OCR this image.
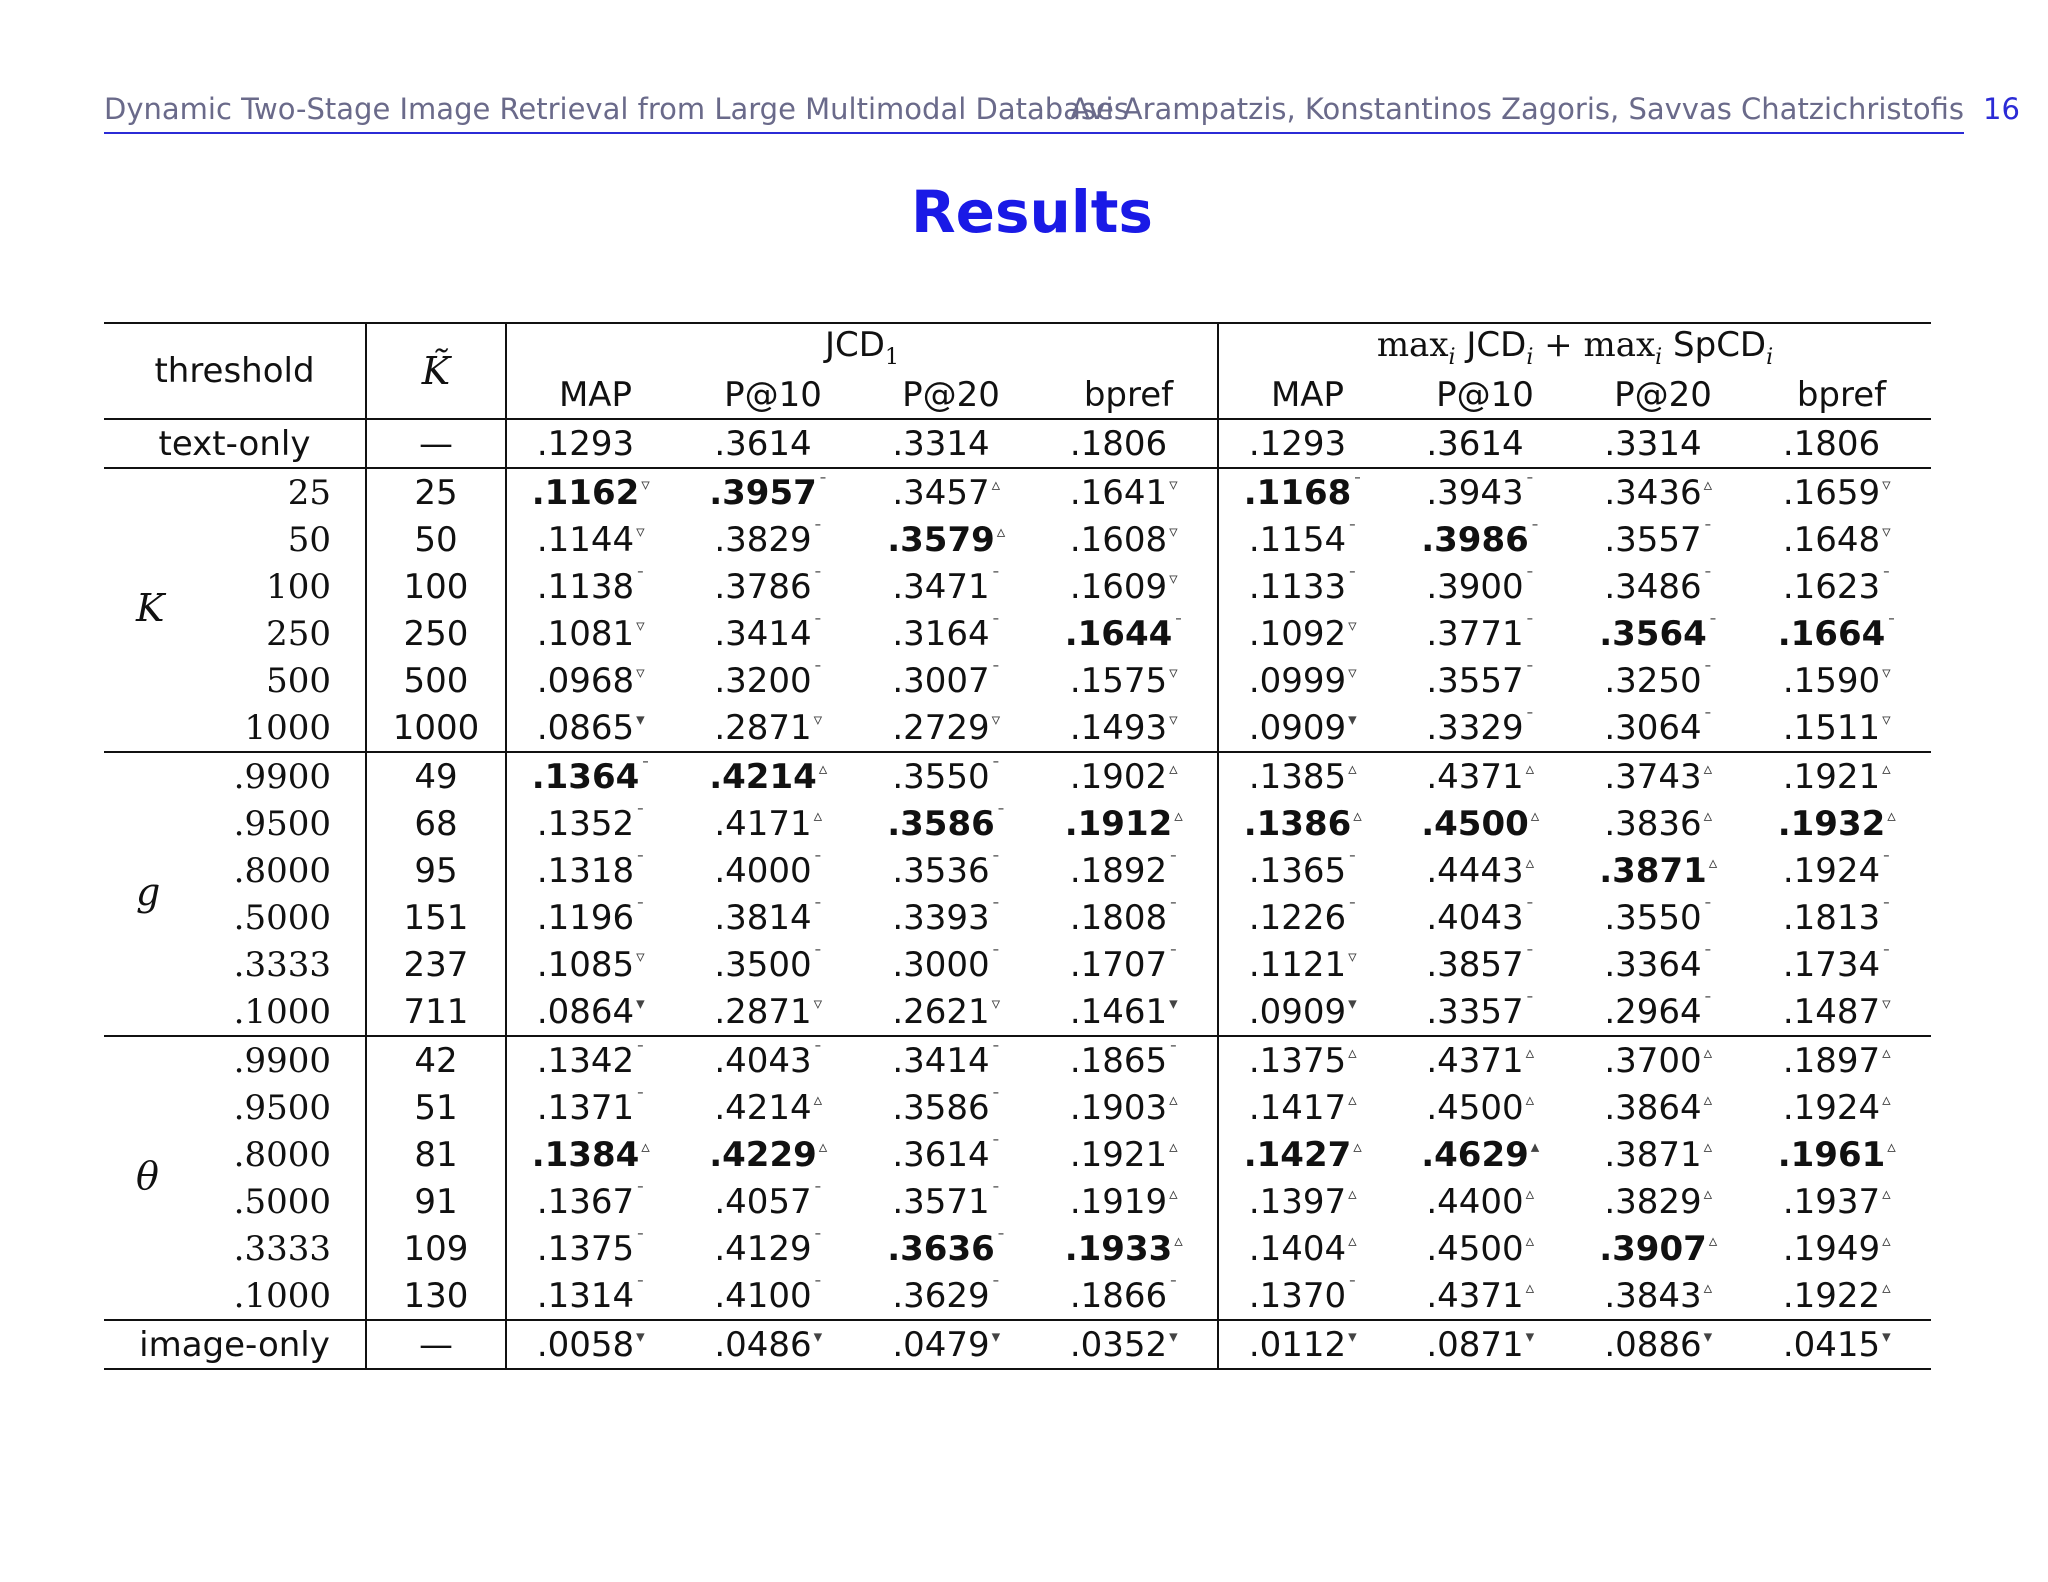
Dynamic Two-Stage Image Retrieval from Large Multimodal Databases
Avi Arampatzis, Konstantinos Zagoris, Savvas Chatzichristofis 16
Results
threshold	K̃	$JCD_1$				$\max_i JCD_i + \max_i$ SpCD$_i$
		MAP	P@10	P@20	bpref	MAP	P@10	P@20	bpref
text-only	—	.1293	.3614	.3314	.1806	.1293	.3614	.3314	.1806
25	25	.1162 ▿	.3957 ¯	.3457 ▵	.1641 ▿	.1168 ¯	.3943 ¯	.3436 ▵	.1659 ▿
50	50	.1144 ▿	.3829 ¯	.3579 ▵	.1608 ▿	.1154 ¯	.3986 ¯	.3557 ¯	.1648 ▿
100	100	.1138 ¯	.3786 ¯	.3471 ¯	.1609 ▿	.1133 ¯	.3900 ¯	.3486 ¯	.1623 ¯
250	250	.1081 ▿	.3414 ¯	.3164 ¯	.1644 ¯	.1092 ▿	.3771 ¯	.3564 ¯	.1664 ¯
500	500	.0968 ▿	.3200 ¯	.3007 ¯	.1575 ▿	.0999 ▿	.3557 ¯	.3250 ¯	.1590 ▿
1000	1000	.0865 ▾	.2871 ▿	.2729 ▿	.1493 ▿	.0909 ▾	.3329 ¯	.3064 ¯	.1511 ▿
.9900	49	.1364 ¯	.4214 ▵	.3550 ¯	.1902 ▵	.1385 ▵	.4371 ▵	.3743 ▵	.1921 ▵
.9500	68	.1352 ¯	.4171 ▵	.3586 ¯	.1912 ▵	.1386 ▵	.4500 ▵	.3836 ▵	.1932 ▵
.8000	95	.1318 ¯	.4000 ¯	.3536 ¯	.1892 ¯	.1365 ¯	.4443 ▵	.3871 ▵	.1924 ¯
.5000	151	.1196 ¯	.3814 ¯	.3393 ¯	.1808 ¯	.1226 ¯	.4043 ¯	.3550 ¯	.1813 ¯
.3333	237	.1085 ▿	.3500 ¯	.3000 ¯	.1707 ¯	.1121 ▿	.3857 ¯	.3364 ¯	.1734 ¯
.1000	711	.0864 ▾	.2871 ▿	.2621 ▿	.1461 ▾	.0909 ▾	.3357 ¯	.2964 ¯	.1487 ▿
.9900	42	.1342 ¯	.4043 ¯	.3414 ¯	.1865 ¯	.1375 ▵	.4371 ▵	.3700 ▵	.1897 ▵
.9500	51	.1371 ¯	.4214 ▵	.3586 ¯	.1903 ▵	.1417 ▵	.4500 ▵	.3864 ▵	.1924 ▵
.8000	81	.1384 ▵	.4229 ▵	.3614 ¯	.1921 ▵	.1427 ▵	.4629 ▴	.3871 ▵	.1961 ▵
.5000	91	.1367 ¯	.4057 ¯	.3571 ¯	.1919 ▵	.1397 ▵	.4400 ▵	.3829 ▵	.1937 ▵
.3333	109	.1375 ¯	.4129 ¯	.3636 ¯	.1933 ▵	.1404 ▵	.4500 ▵	.3907 ▵	.1949 ▵
.1000	130	.1314 ¯	.4100 ¯	.3629 ¯	.1866 ¯	.1370 ¯	.4371 ▵	.3843 ▵	.1922 ▵
image-only	—	.0058 ▾	.0486 ▾	.0479 ▾	.0352 ▾	.0112 ▾	.0871 ▾	.0886 ▾	.0415 ▾
K
g
θ
